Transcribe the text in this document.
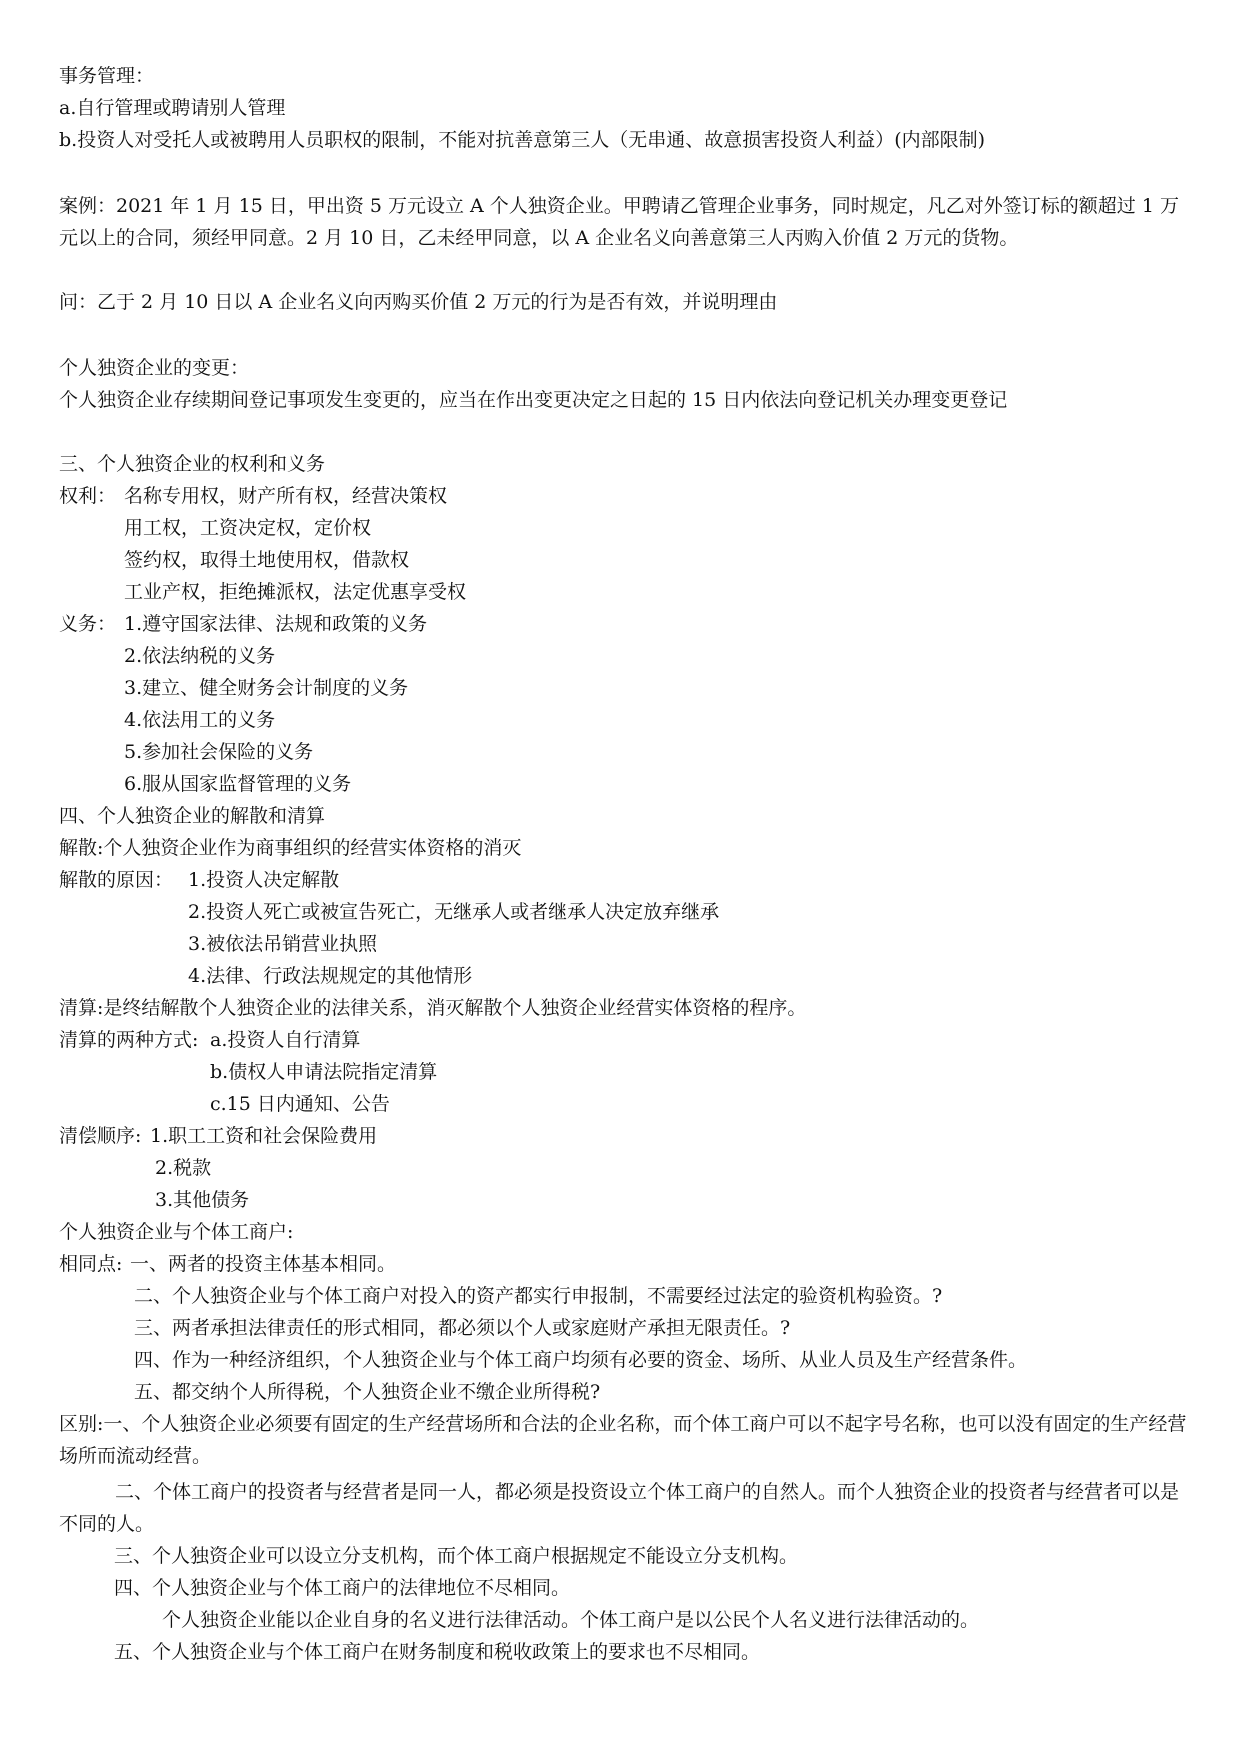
事务管理：
a.自行管理或聘请别人管理
b.投资人对受托人或被聘用人员职权的限制，不能对抗善意第三人（无串通、故意损害投资人利益）(内部限制)
案例：2021 年 1 月 15 日，甲出资 5 万元设立 A 个人独资企业。甲聘请乙管理企业事务，同时规定，凡乙对外签订标的额超过 1 万元以上的合同，须经甲同意。2 月 10 日，乙未经甲同意，以 A 企业名义向善意第三人丙购入价值 2 万元的货物。
问：乙于 2 月 10 日以 A 企业名义向丙购买价值 2 万元的行为是否有效，并说明理由
个人独资企业的变更：
个人独资企业存续期间登记事项发生变更的，应当在作出变更决定之日起的 15 日内依法向登记机关办理变更登记
三、个人独资企业的权利和义务
权利： 名称专用权，财产所有权，经营决策权
用工权，工资决定权，定价权
签约权，取得土地使用权，借款权
工业产权，拒绝摊派权，法定优惠享受权
义务： 1.遵守国家法律、法规和政策的义务
2.依法纳税的义务
3.建立、健全财务会计制度的义务
4.依法用工的义务
5.参加社会保险的义务
6.服从国家监督管理的义务
四、个人独资企业的解散和清算
解散:个人独资企业作为商事组织的经营实体资格的消灭
解散的原因： 1.投资人决定解散
2.投资人死亡或被宣告死亡，无继承人或者继承人决定放弃继承
3.被依法吊销营业执照
4.法律、行政法规规定的其他情形
清算:是终结解散个人独资企业的法律关系，消灭解散个人独资企业经营实体资格的程序。
清算的两种方式: a.投资人自行清算
b.债权人申请法院指定清算
c.15 日内通知、公告
清偿顺序: 1.职工工资和社会保险费用
2.税款
3.其他债务
个人独资企业与个体工商户:
相同点: 一、两者的投资主体基本相同。
二、个人独资企业与个体工商户对投入的资产都实行申报制，不需要经过法定的验资机构验资。?
三、两者承担法律责任的形式相同，都必须以个人或家庭财产承担无限责任。?
四、作为一种经济组织，个人独资企业与个体工商户均须有必要的资金、场所、从业人员及生产经营条件。
五、都交纳个人所得税，个人独资企业不缴企业所得税?
区别:一、个人独资企业必须要有固定的生产经营场所和合法的企业名称，而个体工商户可以不起字号名称，也可以没有固定的生产经营场所而流动经营。
二、个体工商户的投资者与经营者是同一人，都必须是投资设立个体工商户的自然人。而个人独资企业的投资者与经营者可以是不同的人。
三、个人独资企业可以设立分支机构，而个体工商户根据规定不能设立分支机构。
四、个人独资企业与个体工商户的法律地位不尽相同。
个人独资企业能以企业自身的名义进行法律活动。个体工商户是以公民个人名义进行法律活动的。
五、个人独资企业与个体工商户在财务制度和税收政策上的要求也不尽相同。
